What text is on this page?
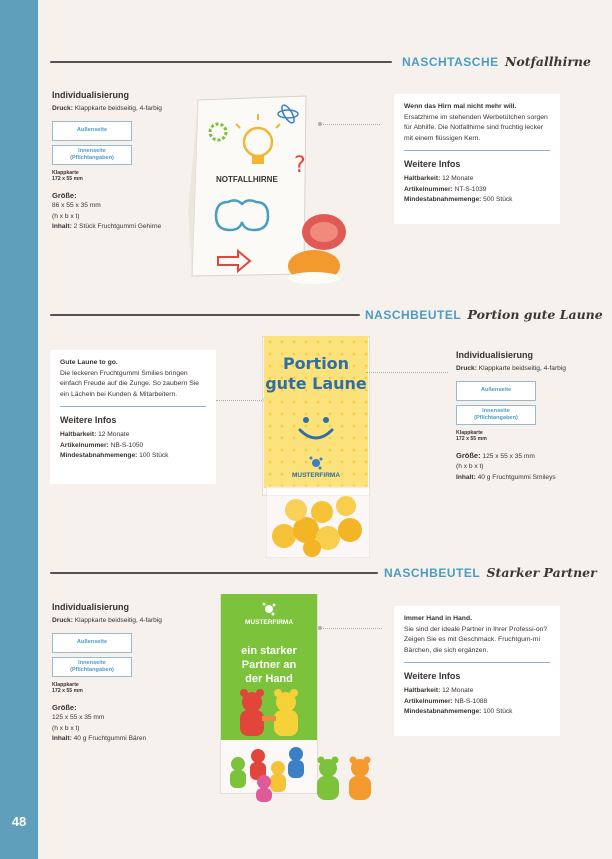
48
NASCHTASCHE Notfallhirne
Individualisierung
Druck: Klappkarte beidseitig, 4-farbig
Außenseite
Innenseite
(Pflichtangaben)
Klappkarte
172 x 55 mm
Größe:
86 x 55 x 35 mm
(h x b x t)
Inhalt: 2 Stück Fruchtgummi Gehirne
?
NOTFALLHIRNE
Wenn das Hirn mal nicht mehr will.
Ersatzhirne im stehenden Werbetütchen sorgen für Abhilfe. Die Notfallhirne sind fruchtig lecker mit einem flüssigen Kern.
Weitere Infos
Haltbarkeit: 12 Monate
Artikelnummer: NT-S-1039
Mindestabnahmemenge: 500 Stück
NASCHBEUTEL Portion gute Laune
Gute Laune to go.
Die leckeren Fruchtgummi Smilies bringen einfach Freude auf die Zunge. So zaubern Sie ein Lächeln bei Kunden & Mitarbeitern.
Weitere Infos
Haltbarkeit: 12 Monate
Artikelnummer: NB-S-1050
Mindestabnahmemenge: 100 Stück
Portion
gute Laune
MUSTERFIRMA
Individualisierung
Druck: Klappkarte beidseitig, 4-farbig
Außenseite
Innenseite
(Pflichtangaben)
Klappkarte
172 x 55 mm
Größe: 125 x 55 x 35 mm
(h x b x t)
Inhalt: 40 g Fruchtgummi Smileys
NASCHBEUTEL Starker Partner
Individualisierung
Druck: Klappkarte beidseitig, 4-farbig
Außenseite
Innenseite
(Pflichtangaben)
Klappkarte
172 x 55 mm
Größe:
125 x 55 x 35 mm
(h x b x t)
Inhalt: 40 g Fruchtgummi Bären
MUSTERFIRMA
ein starker
Partner an
der Hand
Immer Hand in Hand.
Sie sind der ideale Partner in Ihrer Professi-on? Zeigen Sie es mit Geschmack. Fruchtgum-mi Bärchen, die sich ergänzen.
Weitere Infos
Haltbarkeit: 12 Monate
Artikelnummer: NB-S-1088
Mindestabnahmemenge: 100 Stück
